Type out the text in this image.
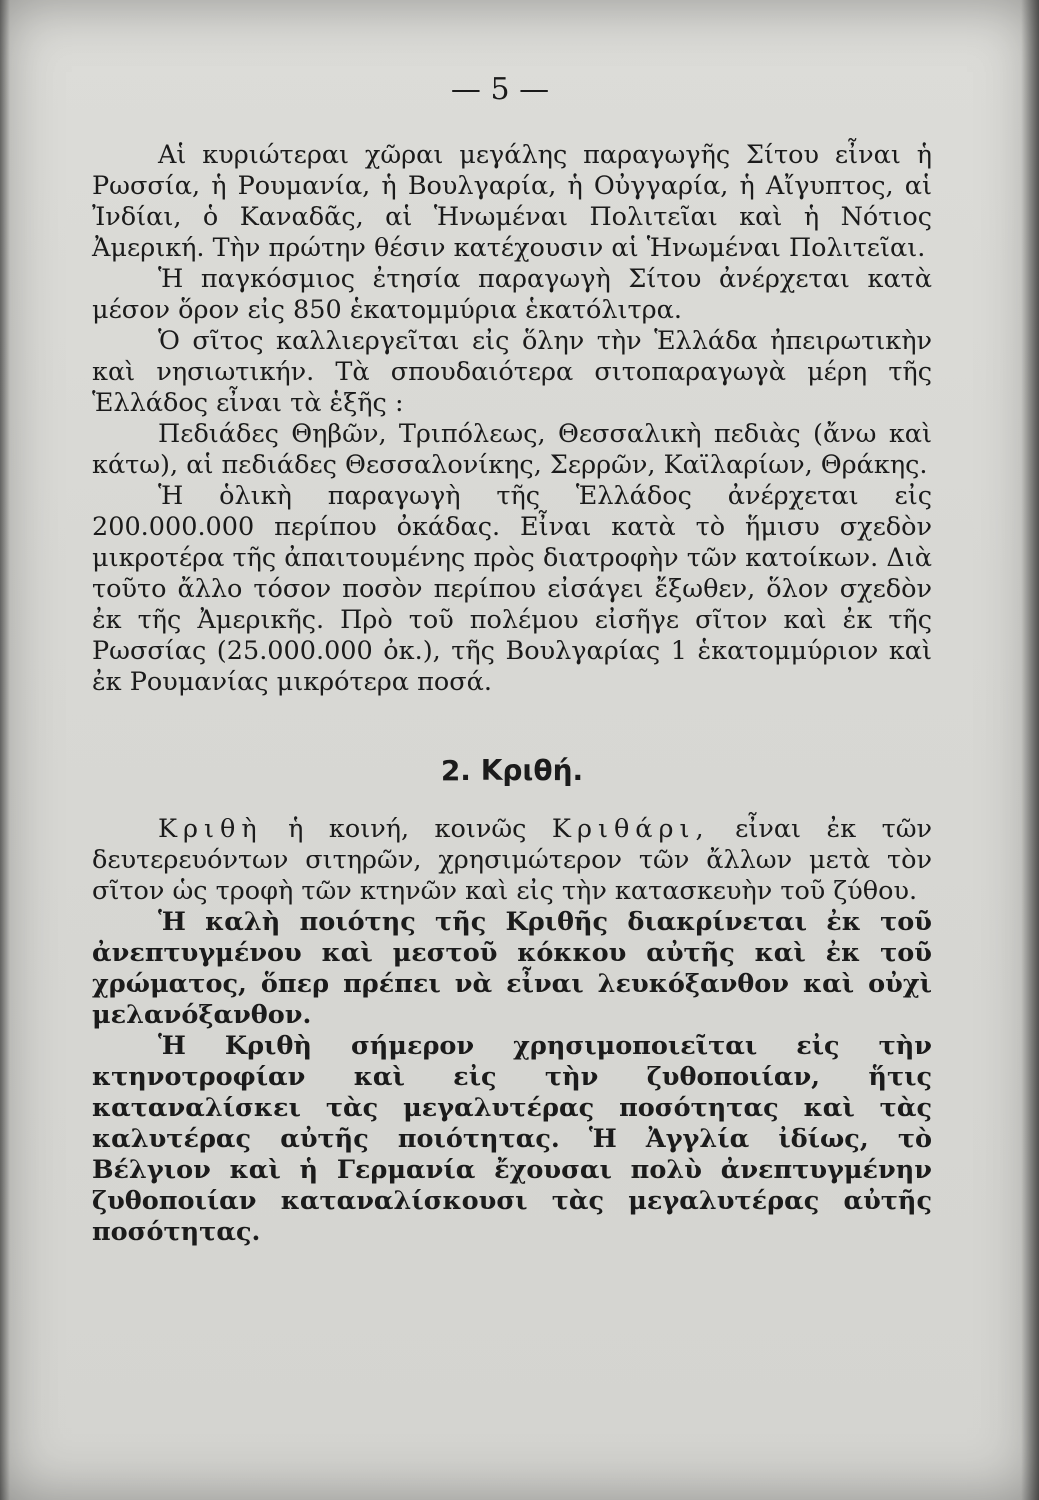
— 5 —

Αἱ κυριώτεραι χῶραι μεγάλης παραγωγῆς Σίτου εἶναι ἡ Ρωσσία, ἡ Ρουμανία, ἡ Βουλγαρία, ἡ Οὐγγαρία, ἡ Αἴγυπτος, αἱ Ἰνδίαι, ὁ Καναδᾶς, αἱ Ἡνωμέναι Πολιτεῖαι καὶ ἡ Νότιος Ἀμερική. Τὴν πρώτην θέσιν κατέχουσιν αἱ Ἡνωμέναι Πολιτεῖαι.

Ἡ παγκόσμιος ἐτησία παραγωγὴ Σίτου ἀνέρχεται κατὰ μέσον ὅρον εἰς 850 ἑκατομμύρια ἑκατόλιτρα.

Ὁ σῖτος καλλιεργεῖται εἰς ὅλην τὴν Ἑλλάδα ἠπειρωτικὴν καὶ νησιωτικήν. Τὰ σπουδαιότερα σιτοπαραγωγὰ μέρη τῆς Ἑλλάδος εἶναι τὰ ἑξῆς :

Πεδιάδες Θηβῶν, Τριπόλεως, Θεσσαλικὴ πεδιὰς (ἄνω καὶ κάτω), αἱ πεδιάδες Θεσσαλονίκης, Σερρῶν, Καϊλαρίων, Θράκης.

Ἡ ὁλικὴ παραγωγὴ τῆς Ἑλλάδος ἀνέρχεται εἰς 200.000.000 περίπου ὀκάδας. Εἶναι κατὰ τὸ ἥμισυ σχεδὸν μικροτέρα τῆς ἀπαιτουμένης πρὸς διατροφὴν τῶν κατοίκων. Διὰ τοῦτο ἄλλο τόσον ποσὸν περίπου εἰσάγει ἔξωθεν, ὅλον σχεδὸν ἐκ τῆς Ἀμερικῆς. Πρὸ τοῦ πολέμου εἰσῆγε σῖτον καὶ ἐκ τῆς Ρωσσίας (25.000.000 ὀκ.), τῆς Βουλγαρίας 1 ἑκατομμύριον καὶ ἐκ Ρουμανίας μικρότερα ποσά.

2. Κριθή.

Κριθὴ ἡ κοινή, κοινῶς Κριθάρι, εἶναι ἐκ τῶν δευτερευόντων σιτηρῶν, χρησιμώτερον τῶν ἄλλων μετὰ τὸν σῖτον ὡς τροφὴ τῶν κτηνῶν καὶ εἰς τὴν κατασκευὴν τοῦ ζύθου.

Ἡ καλὴ ποιότης τῆς Κριθῆς διακρίνεται ἐκ τοῦ ἀνεπτυγμένου καὶ μεστοῦ κόκκου αὐτῆς καὶ ἐκ τοῦ χρώματος, ὅπερ πρέπει νὰ εἶναι λευκόξανθον καὶ οὐχὶ μελανόξανθον.

Ἡ Κριθὴ σήμερον χρησιμοποιεῖται εἰς τὴν κτηνοτροφίαν καὶ εἰς τὴν ζυθοποιίαν, ἥτις καταναλίσκει τὰς μεγαλυτέρας ποσότητας καὶ τὰς καλυτέρας αὐτῆς ποιότητας. Ἡ Ἀγγλία ἰδίως, τὸ Βέλγιον καὶ ἡ Γερμανία ἔχουσαι πολὺ ἀνεπτυγμένην ζυθοποιίαν καταναλίσκουσι τὰς μεγαλυτέρας αὐτῆς ποσότητας.
